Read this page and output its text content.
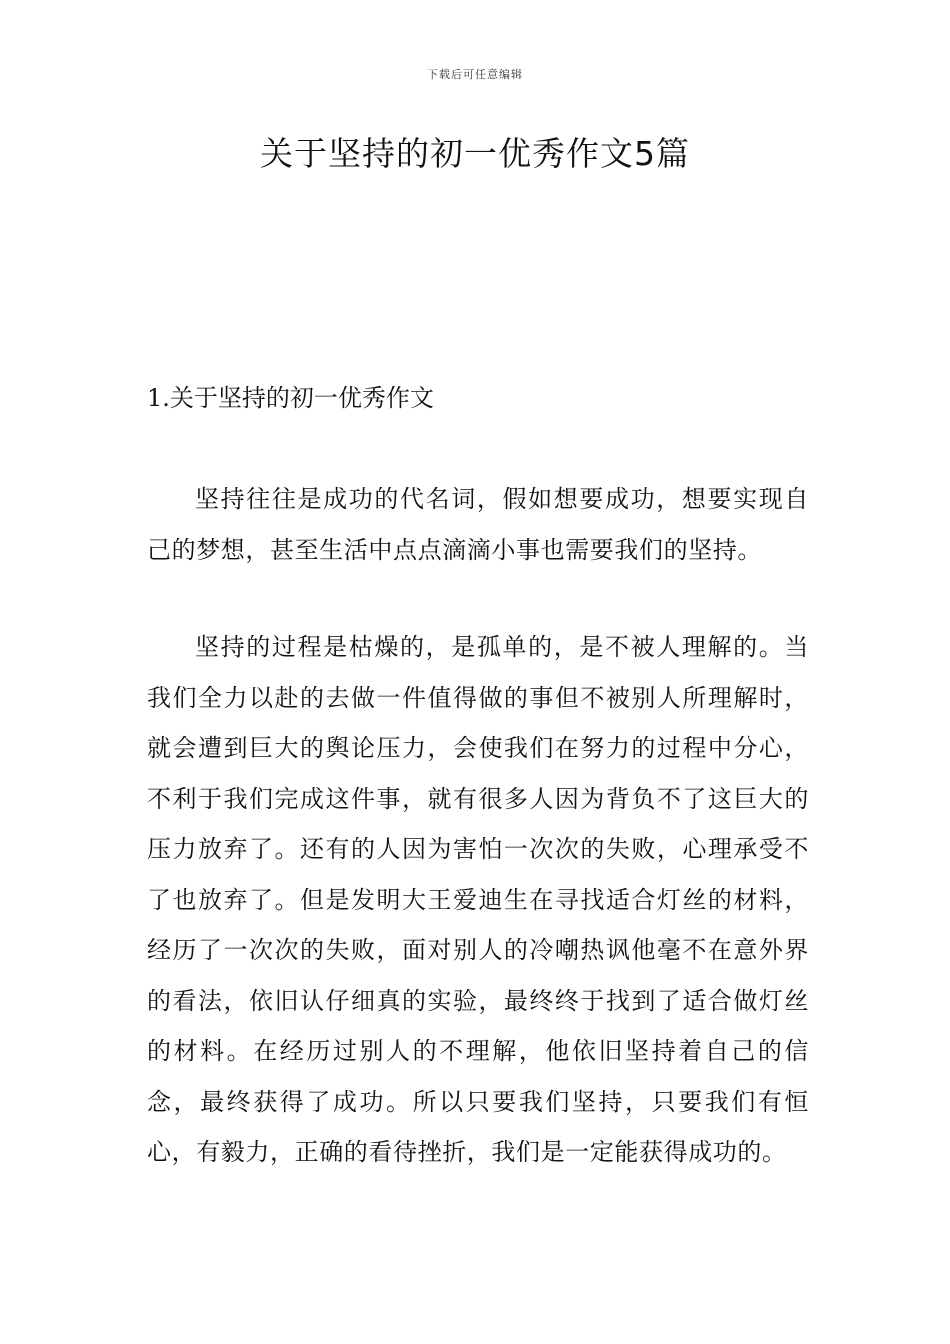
下载后可任意编辑
关于坚持的初一优秀作文5篇
1.关于坚持的初一优秀作文

坚持往往是成功的代名词，假如想要成功，想要实现自己的梦想，甚至生活中点点滴滴小事也需要我们的坚持。

坚持的过程是枯燥的，是孤单的，是不被人理解的。当我们全力以赴的去做一件值得做的事但不被别人所理解时，就会遭到巨大的舆论压力，会使我们在努力的过程中分心，不利于我们完成这件事，就有很多人因为背负不了这巨大的压力放弃了。还有的人因为害怕一次次的失败，心理承受不了也放弃了。但是发明大王爱迪生在寻找适合灯丝的材料，经历了一次次的失败，面对别人的冷嘲热讽他毫不在意外界的看法，依旧认仔细真的实验，最终终于找到了适合做灯丝的材料。在经历过别人的不理解，他依旧坚持着自己的信念，最终获得了成功。所以只要我们坚持，只要我们有恒心，有毅力，正确的看待挫折，我们是一定能获得成功的。
